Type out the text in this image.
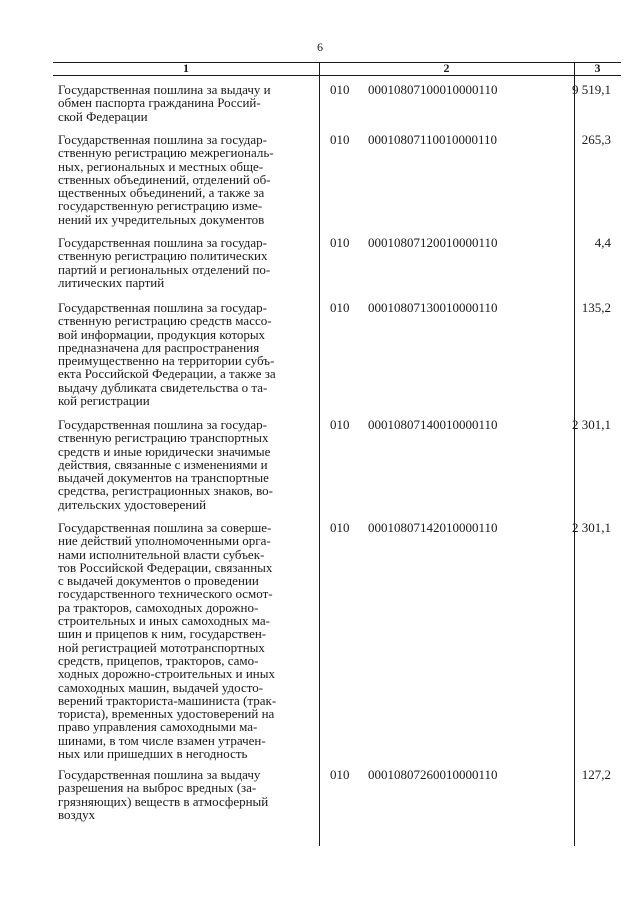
6
1	2	3
Государственная пошлина за выдачу и
обмен паспорта гражданина Россий-
ской Федерации
010 00010807100010000110	9 519,1
Государственная пошлина за государ-
ственную регистрацию межрегиональ-
ных, региональных и местных обще-
ственных объединений, отделений об-
щественных объединений, а также за
государственную регистрацию изме-
нений их учредительных документов
010 00010807110010000110	265,3
Государственная пошлина за государ-
ственную регистрацию политических
партий и региональных отделений по-
литических партий
010 00010807120010000110	4,4
Государственная пошлина за государ-
ственную регистрацию средств массо-
вой информации, продукция которых
предназначена для распространения
преимущественно на территории субъ-
екта Российской Федерации, а также за
выдачу дубликата свидетельства о та-
кой регистрации
010 00010807130010000110	135,2
Государственная пошлина за государ-
ственную регистрацию транспортных
средств и иные юридически значимые
действия, связанные с изменениями и
выдачей документов на транспортные
средства, регистрационных знаков, во-
дительских удостоверений
010 00010807140010000110	2 301,1
Государственная пошлина за соверше-
ние действий уполномоченными орга-
нами исполнительной власти субъек-
тов Российской Федерации, связанных
с выдачей документов о проведении
государственного технического осмот-
ра тракторов, самоходных дорожно-
строительных и иных самоходных ма-
шин и прицепов к ним, государствен-
ной регистрацией мототранспортных
средств, прицепов, тракторов, само-
ходных дорожно-строительных и иных
самоходных машин, выдачей удосто-
верений тракториста-машиниста (трак-
ториста), временных удостоверений на
право управления самоходными ма-
шинами, в том числе взамен утрачен-
ных или пришедших в негодность
010 00010807142010000110	2 301,1
Государственная пошлина за выдачу
разрешения на выброс вредных (за-
грязняющих) веществ в атмосферный
воздух
010 00010807260010000110	127,2
